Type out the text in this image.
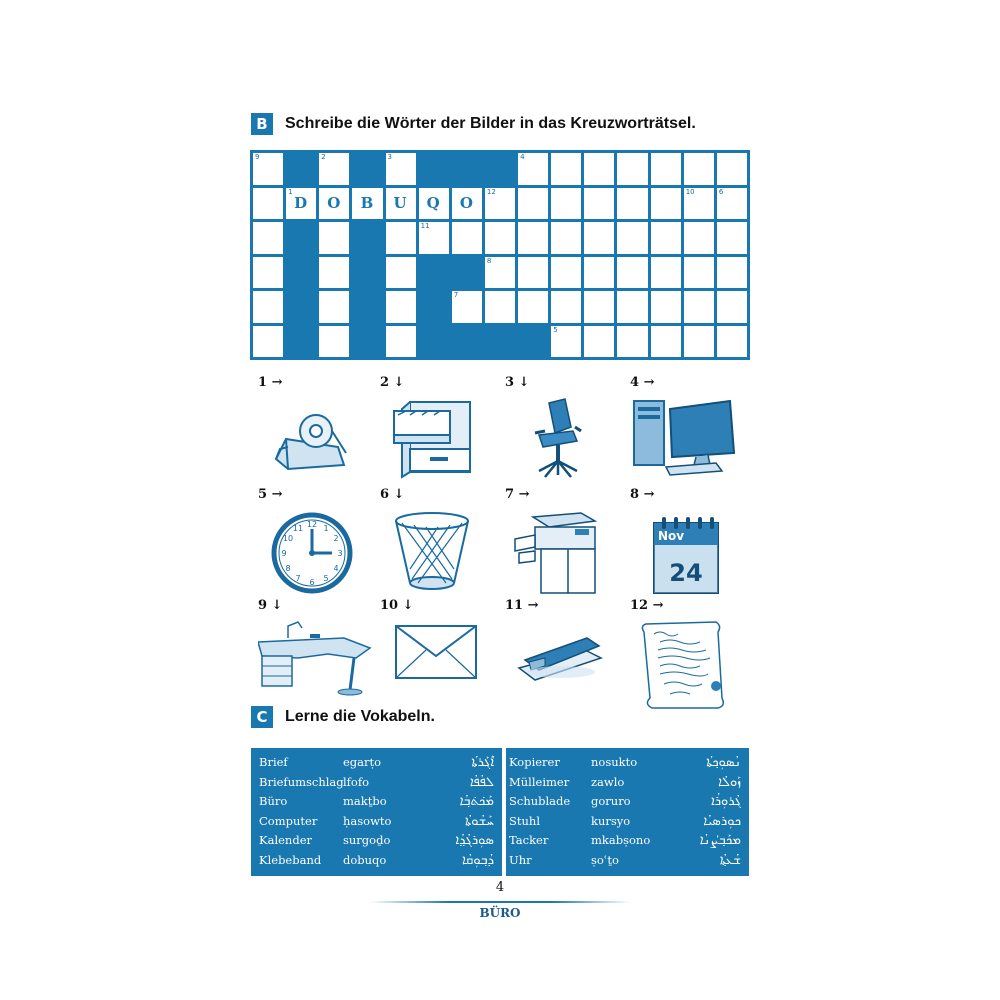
B	Schreibe die Wörter der Bilder in das Kreuzworträtsel.
9	2	3	4
1
D	O	B	U	Q	O
12	10	6
11
8
7
5
1 →	2 ↓	3 ↓	4 →
5 →
12 1
2
3
4
5
6
7
8
9
10
11
6 ↓	7 →	8 →
Nov
24
9 ↓	10 ↓	11 →	12 →
C	Lerne die Vokabeln.
Brief	egarṭo	ܐܶܓܰܪܬܳܐ
Briefumschlag lfofo	ܠܦܳܦܳܐ
Büro	makṯbo	ܡܰܟ݁ܬ݁ܒ݂ܳܐ
Computer ḥasowto	ܚܰܫܳܘܬܳܐ
Kalender	surgoḏo	ܣܘܼܪܓܳܕ݂ܳܐ
Klebeband dobuqo	ܕܳܒ݂ܘܼܩܳܐ
Kopierer	nosukto	ܢܳܣܘܼܟ݂ܬܳܐ
Mülleimer zawlo	ܙܰܘܠܳܐ
Schublade goruro	ܓܳܪܘܼܪܳܐ
Stuhl	kursyo	ܟܘܼܪܣܝܳܐ
Tacker	mkabṣono	ܡܟܰܒ݂ܨܳܢܳܐ
Uhr	ṣoʿṯo	ܫܳܥܬ݂ܳܐ
4
BÜRO
